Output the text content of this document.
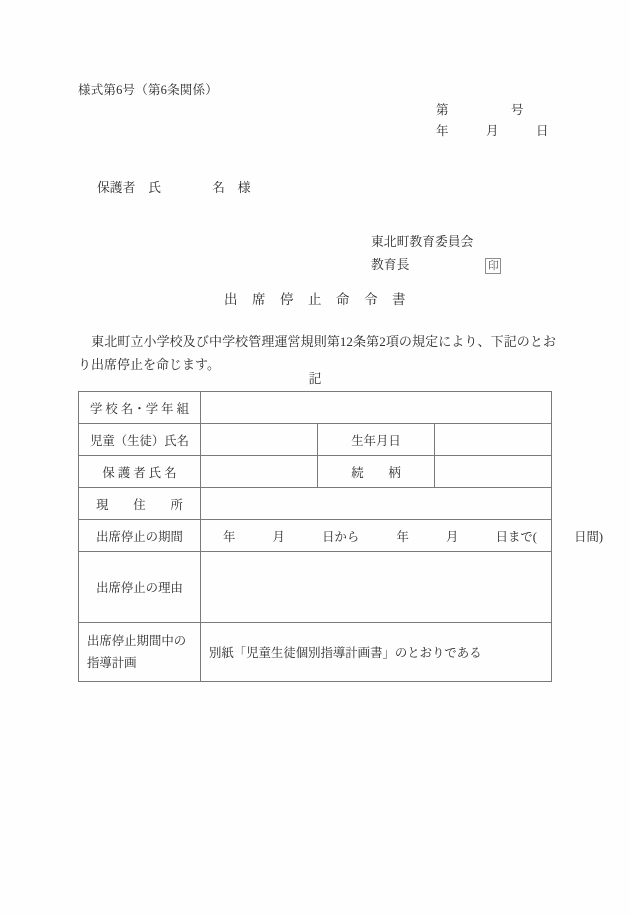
様式第6号（第6条関係）
第　　　　　号
年　　　月　　　日
保護者　氏　　　　名　様
東北町教育委員会
教育長	印
出　席　停　止　命　令　書
　東北町立小学校及び中学校管理運営規則第12条第2項の規定により、下記のとおり出席停止を命じます。
記
学 校 名・学 年 組			
児童（生徒）氏名		生年月日	
保 護 者 氏 名		続　　柄	
現　　住　　所			
出席停止の期間	年　　　月　　　日から　　　年　　　月　　　日まで(　　　日間)		
出席停止の理由			
出席停止期間中の 指導計画	別紙「児童生徒個別指導計画書」のとおりである		
